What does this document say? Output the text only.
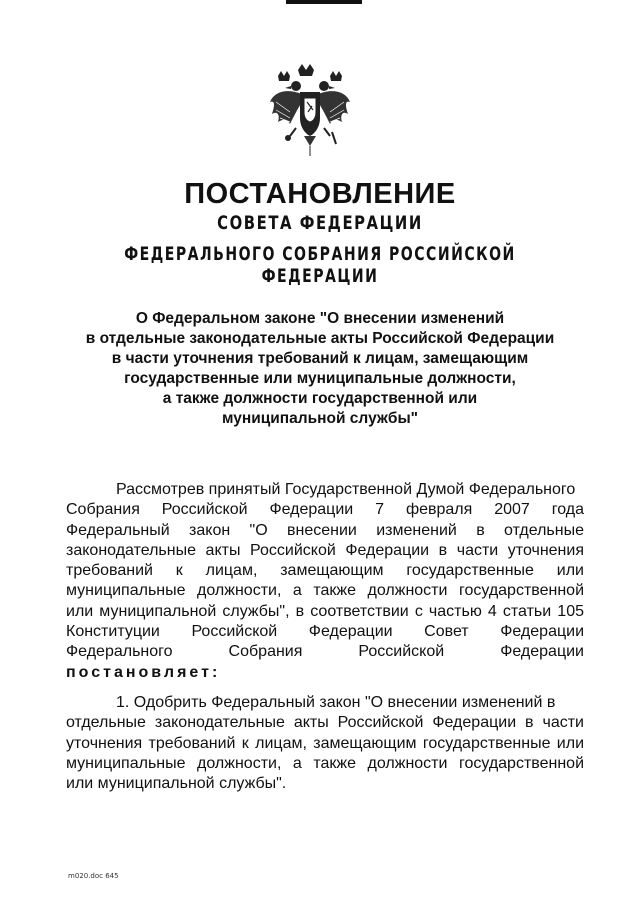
ПОСТАНОВЛЕНИЕ
СОВЕТА ФЕДЕРАЦИИ
ФЕДЕРАЛЬНОГО СОБРАНИЯ РОССИЙСКОЙ ФЕДЕРАЦИИ
О Федеральном законе "О внесении изменений
в отдельные законодательные акты Российской Федерации
в части уточнения требований к лицам, замещающим
государственные или муниципальные должности,
а также должности государственной или
муниципальной службы"
Рассмотрев принятый Государственной Думой Федерального
Собрания Российской Федерации 7 февраля 2007 года
Федеральный закон "О внесении изменений в отдельные
законодательные акты Российской Федерации в части уточнения
требований к лицам, замещающим государственные или
муниципальные должности, а также должности государственной
или муниципальной службы", в соответствии с частью 4 статьи 105
Конституции Российской Федерации Совет Федерации
Федерального Собрания Российской Федерации
постановляет:
1. Одобрить Федеральный закон "О внесении изменений в
отдельные законодательные акты Российской Федерации в части
уточнения требований к лицам, замещающим государственные или
муниципальные должности, а также должности государственной
или муниципальной службы".
m020.doc 645
